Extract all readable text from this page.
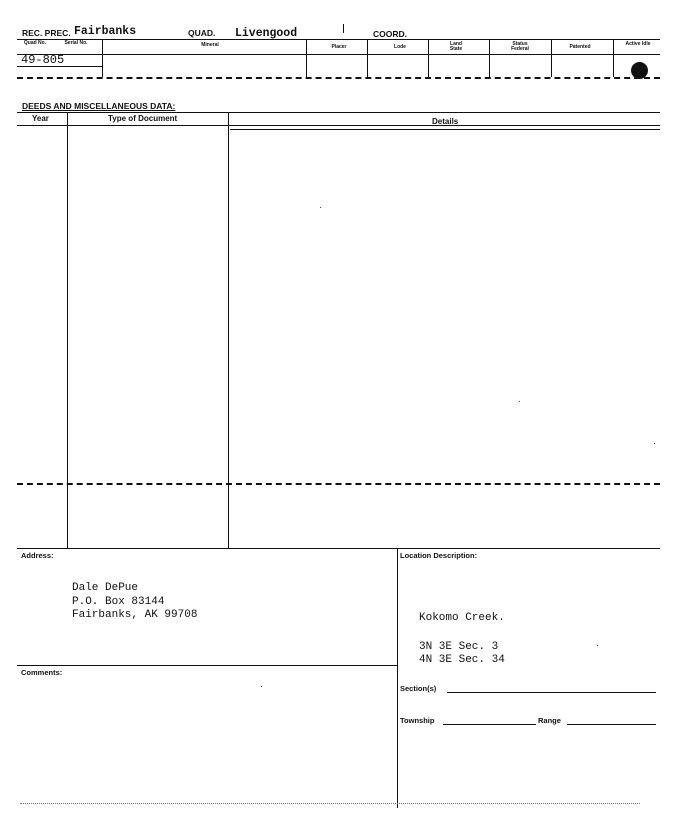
REC. PREC. Fairbanks	QUAD. Livengood	COORD.
Quad No.	Serial No.	Mineral	Placer	Lode	Land State
Status Federal	Patented	Active Idle
49-805
DEEDS AND MISCELLANEOUS DATA:
Year	Type of Document	Details
Address:
Dale DePue
P.O. Box 83144
Fairbanks, AK 99708
Location Description:
Kokomo Creek.
3N 3E Sec. 3
4N 3E Sec. 34
Comments:
Section(s)
Township	Range
